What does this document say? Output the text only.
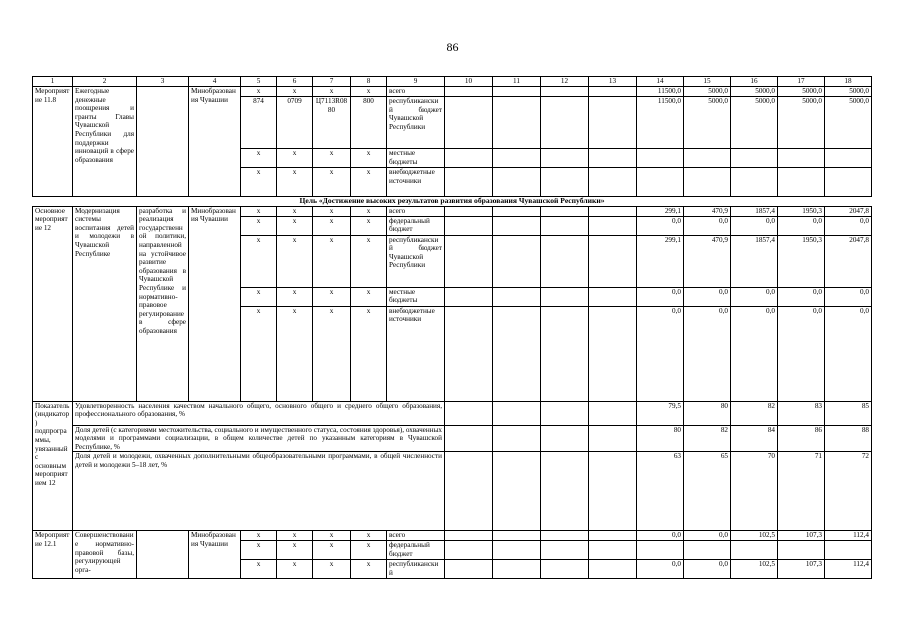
86
1	2	3	4	5	6	7	8	9	10	11	12	13	14	15	16	17	18
Мероприятие 11.8	Ежегодные денежные поощрения и гранты Главы Чувашской Республики для поддержки инноваций в сфере образования		Минобразования Чувашии	x	x	x	x	всего					11500,0	5000,0	5000,0	5000,0	5000,0
				874	0709	Ц7113R0880	800	республиканский бюджет Чувашской Республики					11500,0	5000,0	5000,0	5000,0	5000,0
				x	x	x	x	местные бюджеты									
				x	x	x	x	внебюджетные источники									
Цель «Достижение высоких результатов развития образования Чувашской Республики»																	
Основное мероприятие 12	Модернизация системы воспитания детей и молодежи в Чувашской Республике	разработка и реализация государственной политики, направленной на устойчивое развитие образования в Чувашской Республике и нормативно-правовое регулирование в сфере образования	Минобразования Чувашии	x	x	x	x	всего					299,1	470,9	1857,4	1950,3	2047,8
				x	x	x	x	федеральный бюджет					0,0	0,0	0,0	0,0	0,0
				x	x	x	x	республиканский бюджет Чувашской Республики					299,1	470,9	1857,4	1950,3	2047,8
				x	x	x	x	местные бюджеты					0,0	0,0	0,0	0,0	0,0
				x	x	x	x	внебюджетные источники					0,0	0,0	0,0	0,0	0,0
Показатель (индикатор) подпрограммы, увязанный с основным мероприятием 12	Удовлетворенность населения качеством начального общего, основного общего и среднего общего образования, профессионального образования, %												79,5	80	82	83	85
	Доля детей (с категориями местожительства, социального и имущественного статуса, состояния здоровья), охваченных моделями и программами социализации, в общем количестве детей по указанным категориям в Чувашской Республике, %												80	82	84	86	88
	Доля детей и молодежи, охваченных дополнительными общеобразовательными программами, в общей численности детей и молодежи 5–18 лет, %												63	65	70	71	72
Мероприятие 12.1	Совершенствование нормативно-правовой базы, регулирующей орга-		Минобразования Чувашии	x	x	x	x	всего					0,0	0,0	102,5	107,3	112,4
				x	x	x	x	федеральный бюджет									
				x	x	x	x	республиканский					0,0	0,0	102,5	107,3	112,4
